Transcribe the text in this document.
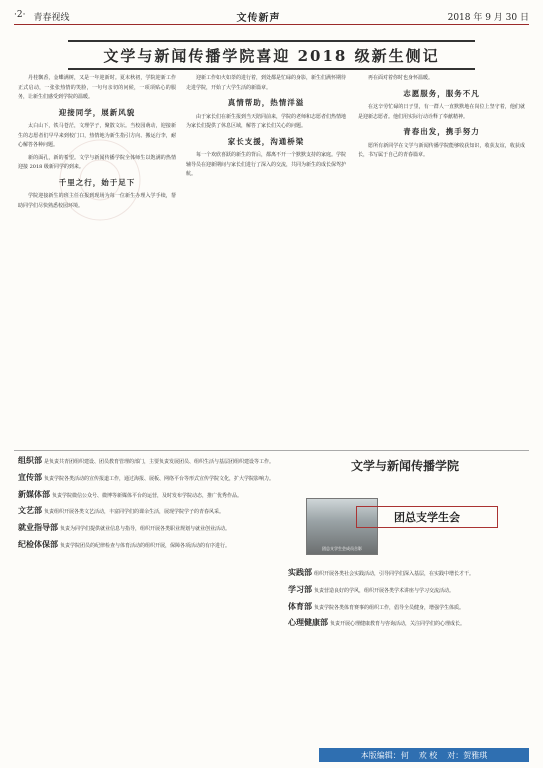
·2· 青春视线	文传新声	2018 年 9 月 30 日
文学与新闻传播学院喜迎 2018 级新生侧记

丹桂飘香，金蝶满树，又是一年迎新时。夏末秋初，学院迎新工作正式启动，一张张热情的笑脸，一句句亲切的问候，一项项贴心的服务，让新生们感受到学院的温暖。

迎接同学，展新风貌

太白山下，铁马苍茫，文理学子，聚散文坛。当校园萌动，迎接新生的志愿者们早早来到校门口，热情地为新生指引方向、搬运行李，耐心解答各种问题。

新的面孔，新的希望。文学与新闻传播学院全体师生以饱满的热情迎接 2018 级新同学的到来。

千里之行，始于足下

学院迎接新生的班主任在报到现场为每一位新生办理入学手续，帮助同学们尽快熟悉校园环境。

迎新工作如火如荼的进行着，到处都是忙碌的身影，新生们满怀期待走进学院，开始了大学生活的新篇章。

真情帮助，热情洋溢

由于家长们在新生报到当天陪同前来，学院的老师和志愿者们热情地为家长们提供了休息区域，解答了家长们关心的问题。

家长支援，沟通桥梁

每一个欢欣喜跃的新生的背后，都离不开一个默默支持的家庭。学院辅导员在迎新期间与家长们进行了深入的交流，共同为新生的成长保驾护航。

再在面对着你时也身怀温暖。

志愿服务，服务不凡

在这辛劳忙碌的日子里，有一群人一直默默地在岗位上坚守着，他们就是迎新志愿者。他们用实际行动诠释了奉献精神。

青春出发，携手努力

愿所有新同学在文学与新闻传播学院能够收获知识，收获友谊，收获成长，书写属于自己的青春篇章。

组织部 是负责共青团组织建设、团员教育管理的部门，主要负责发展团员、组织生活与基层团组织建设等工作。
宣传部 负责学院各类活动的宣传报道工作，通过海报、展板、网络平台等形式宣传学院文化，扩大学院影响力。
新媒体部 负责学院微信公众号、微博等新媒体平台的运营，及时发布学院动态，推广优秀作品。
文艺部 负责组织开展各类文艺活动，丰富同学们的课余生活，展现学院学子的青春风采。
就业指导部 负责为同学们提供就业信息与指导，组织开展各类职业规划与就业创业活动。
纪检体保部 负责学院团员的纪律检查与体育活动的组织开展，保障各项活动的有序进行。
文学与新闻传播学院
团总支学生会成员合影
团总支学生会
实践部 组织开展各类社会实践活动，引导同学们深入基层，在实践中增长才干。
学习部 负责营造良好的学风，组织开展各类学术讲座与学习交流活动。
体育部 负责学院各类体育赛事的组织工作，倡导全员健身，增强学生体质。
心理健康部 负责开展心理健康教育与咨询活动，关注同学们的心理成长。
本版编辑：何 欢 校 对：贺雅琪
